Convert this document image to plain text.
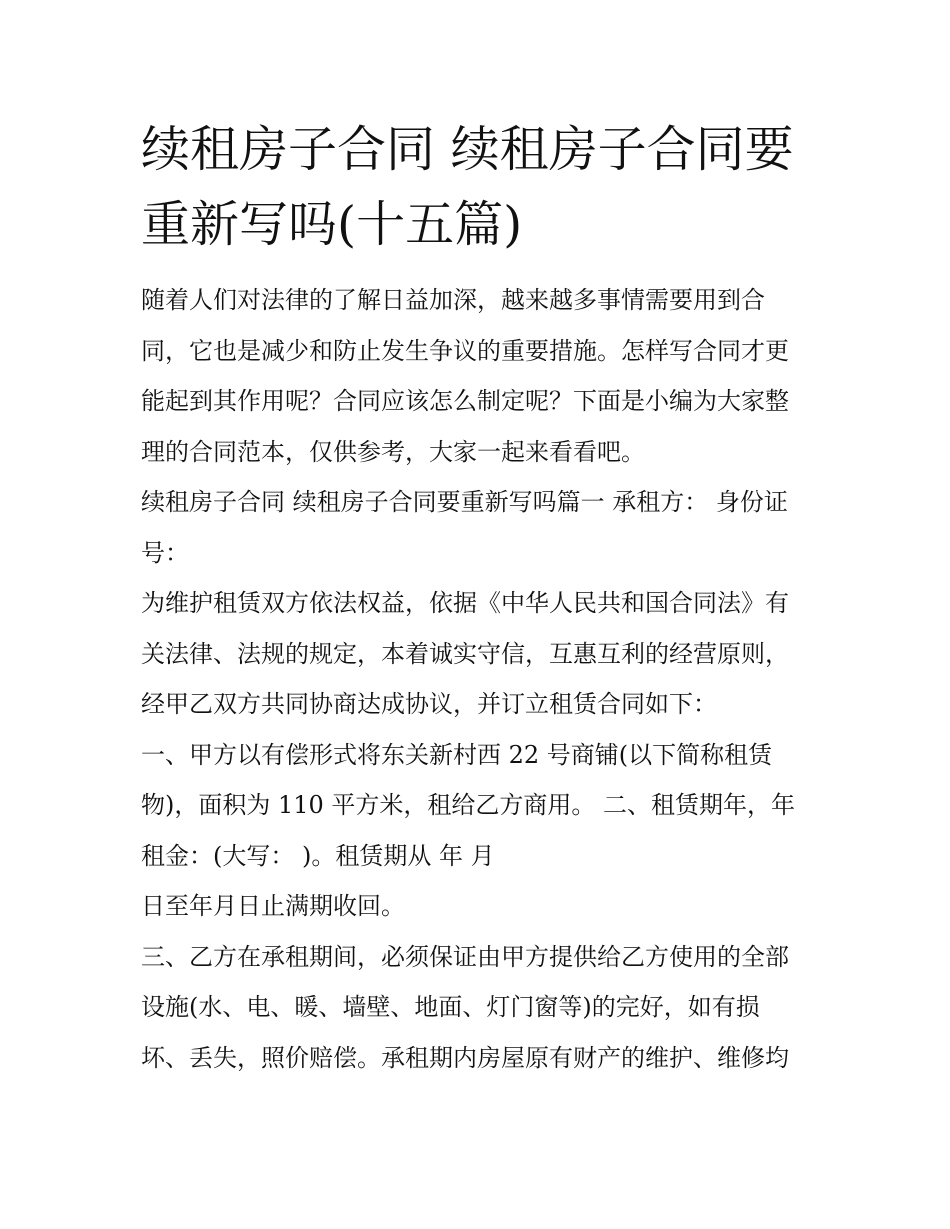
续租房子合同 续租房子合同要
重新写吗(十五篇)
随着人们对法律的了解日益加深，越来越多事情需要用到合
同，它也是减少和防止发生争议的重要措施。怎样写合同才更
能起到其作用呢？合同应该怎么制定呢？下面是小编为大家整
理的合同范本，仅供参考，大家一起来看看吧。
续租房子合同 续租房子合同要重新写吗篇一 承租方： 身份证
号：
为维护租赁双方依法权益，依据《中华人民共和国合同法》有
关法律、法规的规定，本着诚实守信，互惠互利的经营原则，
经甲乙双方共同协商达成协议，并订立租赁合同如下：
一、甲方以有偿形式将东关新村西 22 号商铺(以下简称租赁
物)，面积为 110 平方米，租给乙方商用。 二、租赁期年，年
租金：(大写： )。租赁期从 年 月
日至年月日止满期收回。
三、乙方在承租期间，必须保证由甲方提供给乙方使用的全部
设施(水、电、暖、墙壁、地面、灯门窗等)的完好，如有损
坏、丢失，照价赔偿。承租期内房屋原有财产的维护、维修均
